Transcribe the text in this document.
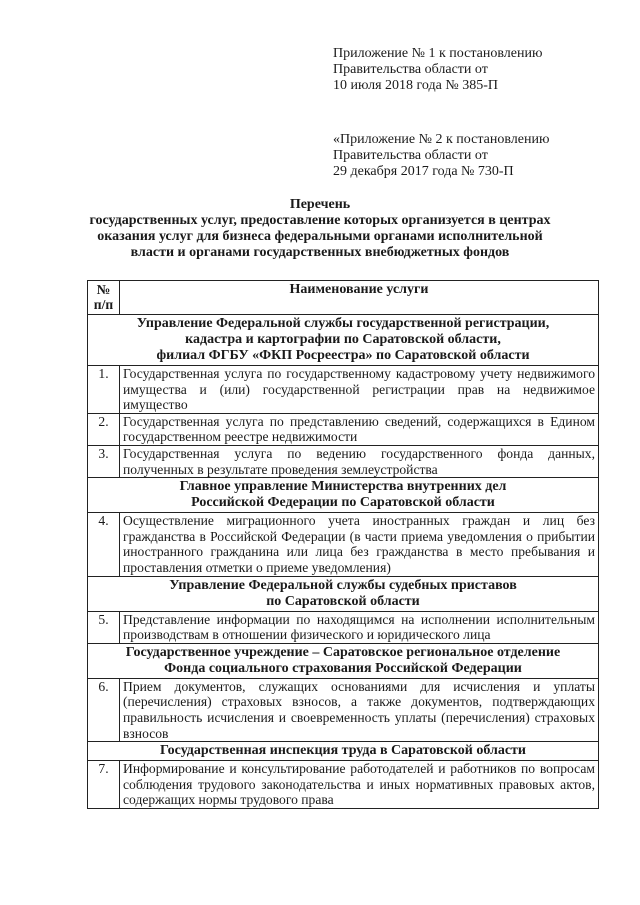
Приложение № 1 к постановлению
Правительства области от
10 июля 2018 года № 385-П
«Приложение № 2 к постановлению
Правительства области от
29 декабря 2017 года № 730-П
Перечень
государственных услуг, предоставление которых организуется в центрах
оказания услуг для бизнеса федеральными органами исполнительной
власти и органами государственных внебюджетных фондов
№
п/п	Наименование услуги

Управление Федеральной службы государственной регистрации,
кадастра и картографии по Саратовской области,
филиал ФГБУ «ФКП Росреестра» по Саратовской области	

1.	Государственная услуга по государственному кадастровому учету недвижимого имущества и (или) государственной регистрации прав на недвижимое имущество
2.	Государственная услуга по представлению сведений, содержащихся в Едином государственном реестре недвижимости
3.	Государственная услуга по ведению государственного фонда данных, полученных в результате проведения землеустройства

Главное управление Министерства внутренних дел
Российской Федерации по Саратовской области	

4.	Осуществление миграционного учета иностранных граждан и лиц без гражданства в Российской Федерации (в части приема уведомления о прибытии иностранного гражданина или лица без гражданства в место пребывания и проставления отметки о приеме уведомления)

Управление Федеральной службы судебных приставов
по Саратовской области	

5.	Представление информации по находящимся на исполнении исполнительным производствам в отношении физического и юридического лица

Государственное учреждение – Саратовское региональное отделение
Фонда социального страхования Российской Федерации	

6.	Прием документов, служащих основаниями для исчисления и уплаты (перечисления) страховых взносов, а также документов, подтверждающих правильность исчисления и своевременность уплаты (перечисления) страховых взносов

Государственная инспекция труда в Саратовской области	

7.	Информирование и консультирование работодателей и работников по вопросам соблюдения трудового законодательства и иных нормативных правовых актов, содержащих нормы трудового права
